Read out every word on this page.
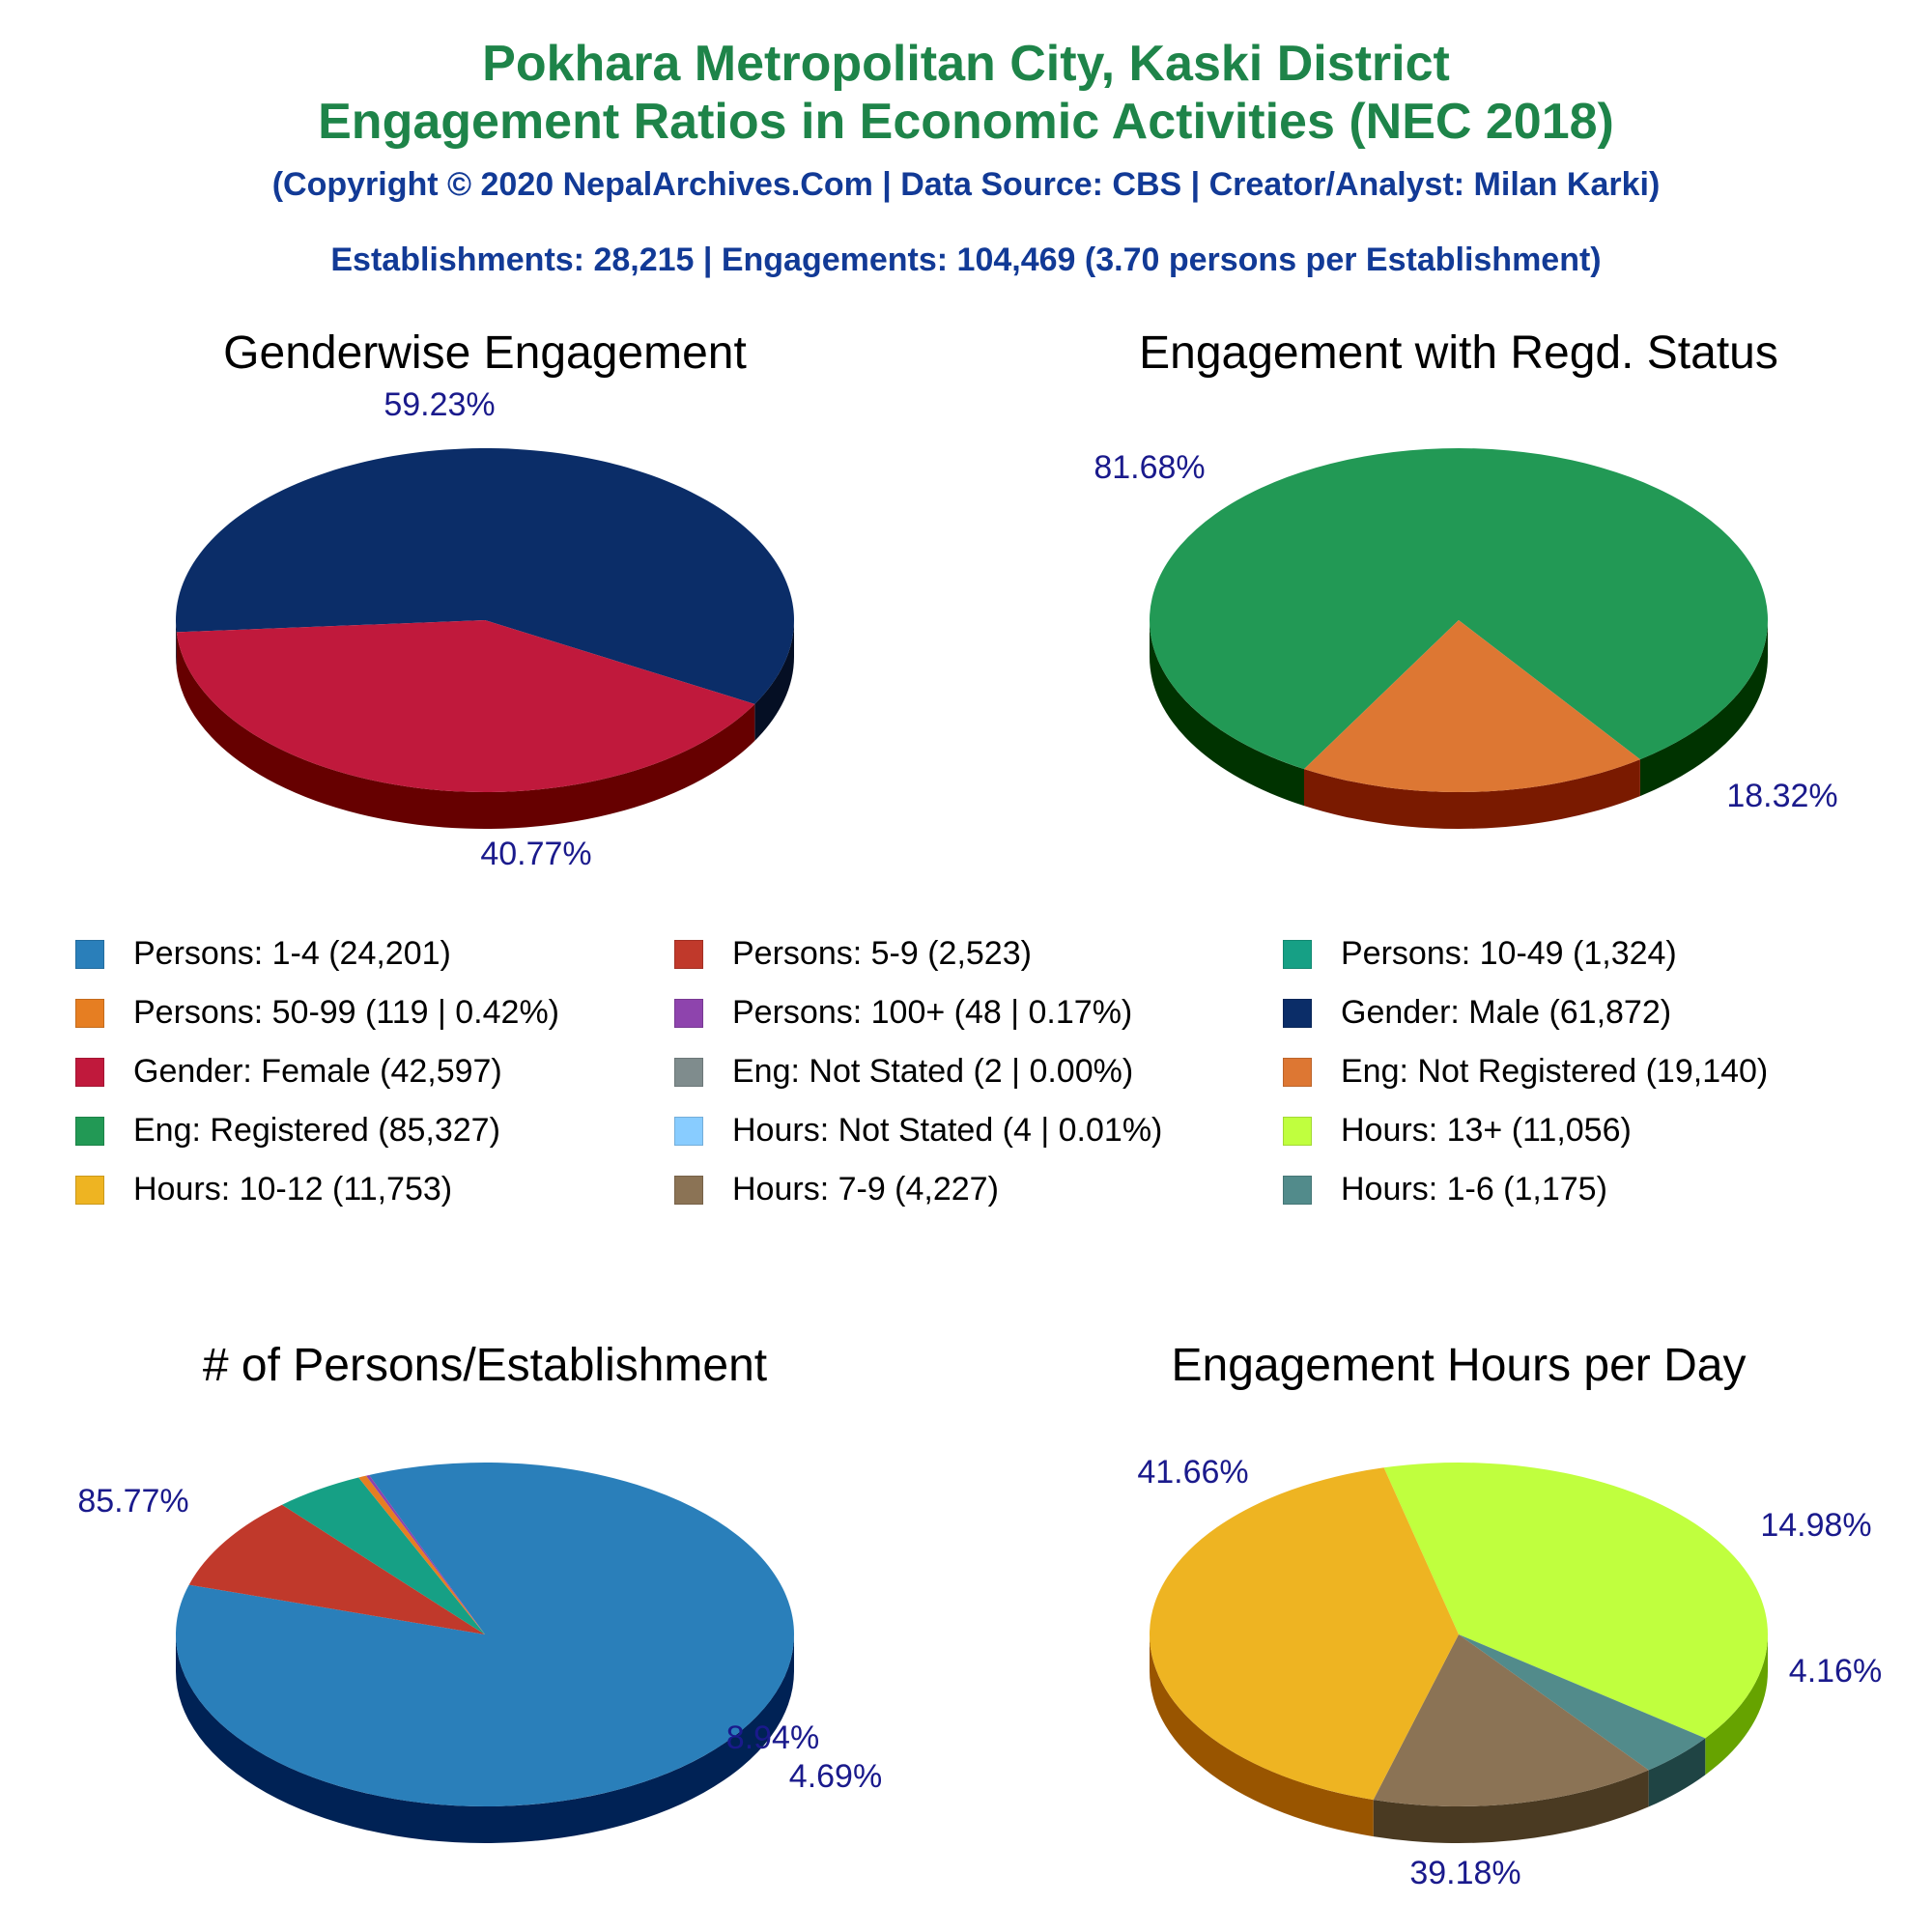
Pokhara Metropolitan City, Kaski District
Engagement Ratios in Economic Activities (NEC 2018)
(Copyright © 2020 NepalArchives.Com | Data Source: CBS | Creator/Analyst: Milan Karki)
Establishments: 28,215 | Engagements: 104,469 (3.70 persons per Establishment)
Genderwise Engagement
59.23%
40.77%
Engagement with Regd. Status
81.68%
18.32%
# of Persons/Establishment
85.77%
8.94%
4.69%
Engagement Hours per Day
39.18%
4.16%
14.98%
41.66%
Persons: 1-4 (24,201)	Persons: 5-9 (2,523)	Persons: 10-49 (1,324)
Persons: 50-99 (119 | 0.42%)	Persons: 100+ (48 | 0.17%)	Gender: Male (61,872)
Gender: Female (42,597)	Eng: Not Stated (2 | 0.00%)	Eng: Not Registered (19,140)
Eng: Registered (85,327)	Hours: Not Stated (4 | 0.01%)	Hours: 13+ (11,056)
Hours: 10-12 (11,753)	Hours: 7-9 (4,227)	Hours: 1-6 (1,175)
